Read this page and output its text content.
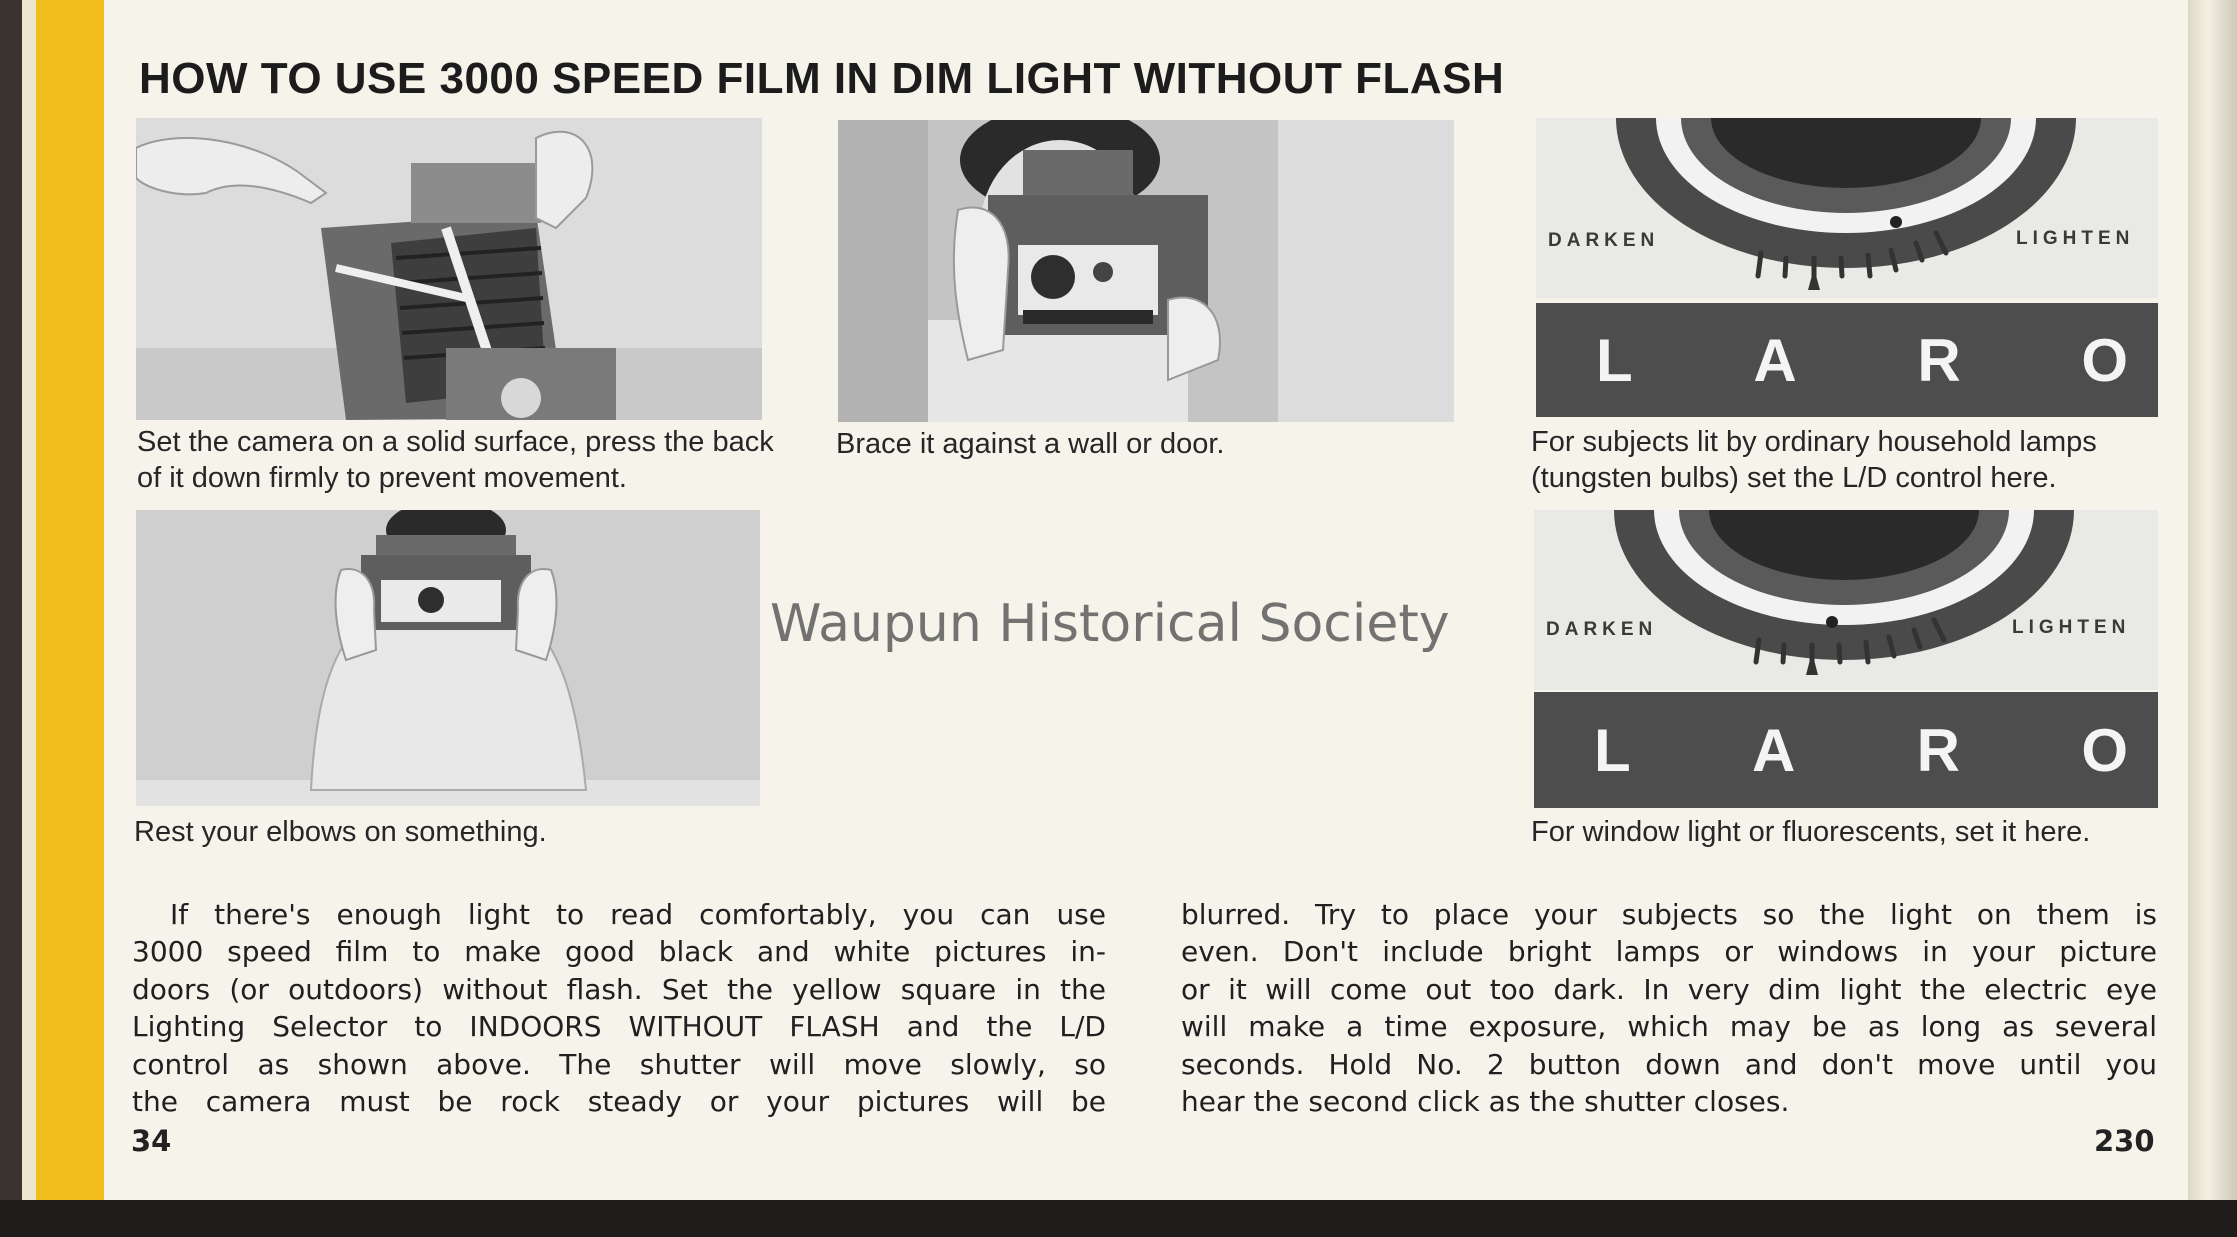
HOW TO USE 3000 SPEED FILM IN DIM LIGHT WITHOUT FLASH

Set the camera on a solid surface, press the back
of it down firmly to prevent movement.

Brace it against a wall or door.

Rest your elbows on something.

DARKEN	LIGHTEN
L A R O

For subjects lit by ordinary household lamps
(tungsten bulbs) set the L/D control here.

DARKEN	LIGHTEN
L A R O

For window light or fluorescents, set it here.

Waupun Historical Society

If there's enough light to read comfortably, you can use

3000 speed film to make good black and white pictures in-

doors (or outdoors) without flash. Set the yellow square in the

Lighting Selector to INDOORS WITHOUT FLASH and the L/D

control as shown above. The shutter will move slowly, so

the camera must be rock steady or your pictures will be

blurred. Try to place your subjects so the light on them is

even. Don't include bright lamps or windows in your picture

or it will come out too dark. In very dim light the electric eye

will make a time exposure, which may be as long as several

seconds. Hold No. 2 button down and don't move until you

hear the second click as the shutter closes.

34	230
